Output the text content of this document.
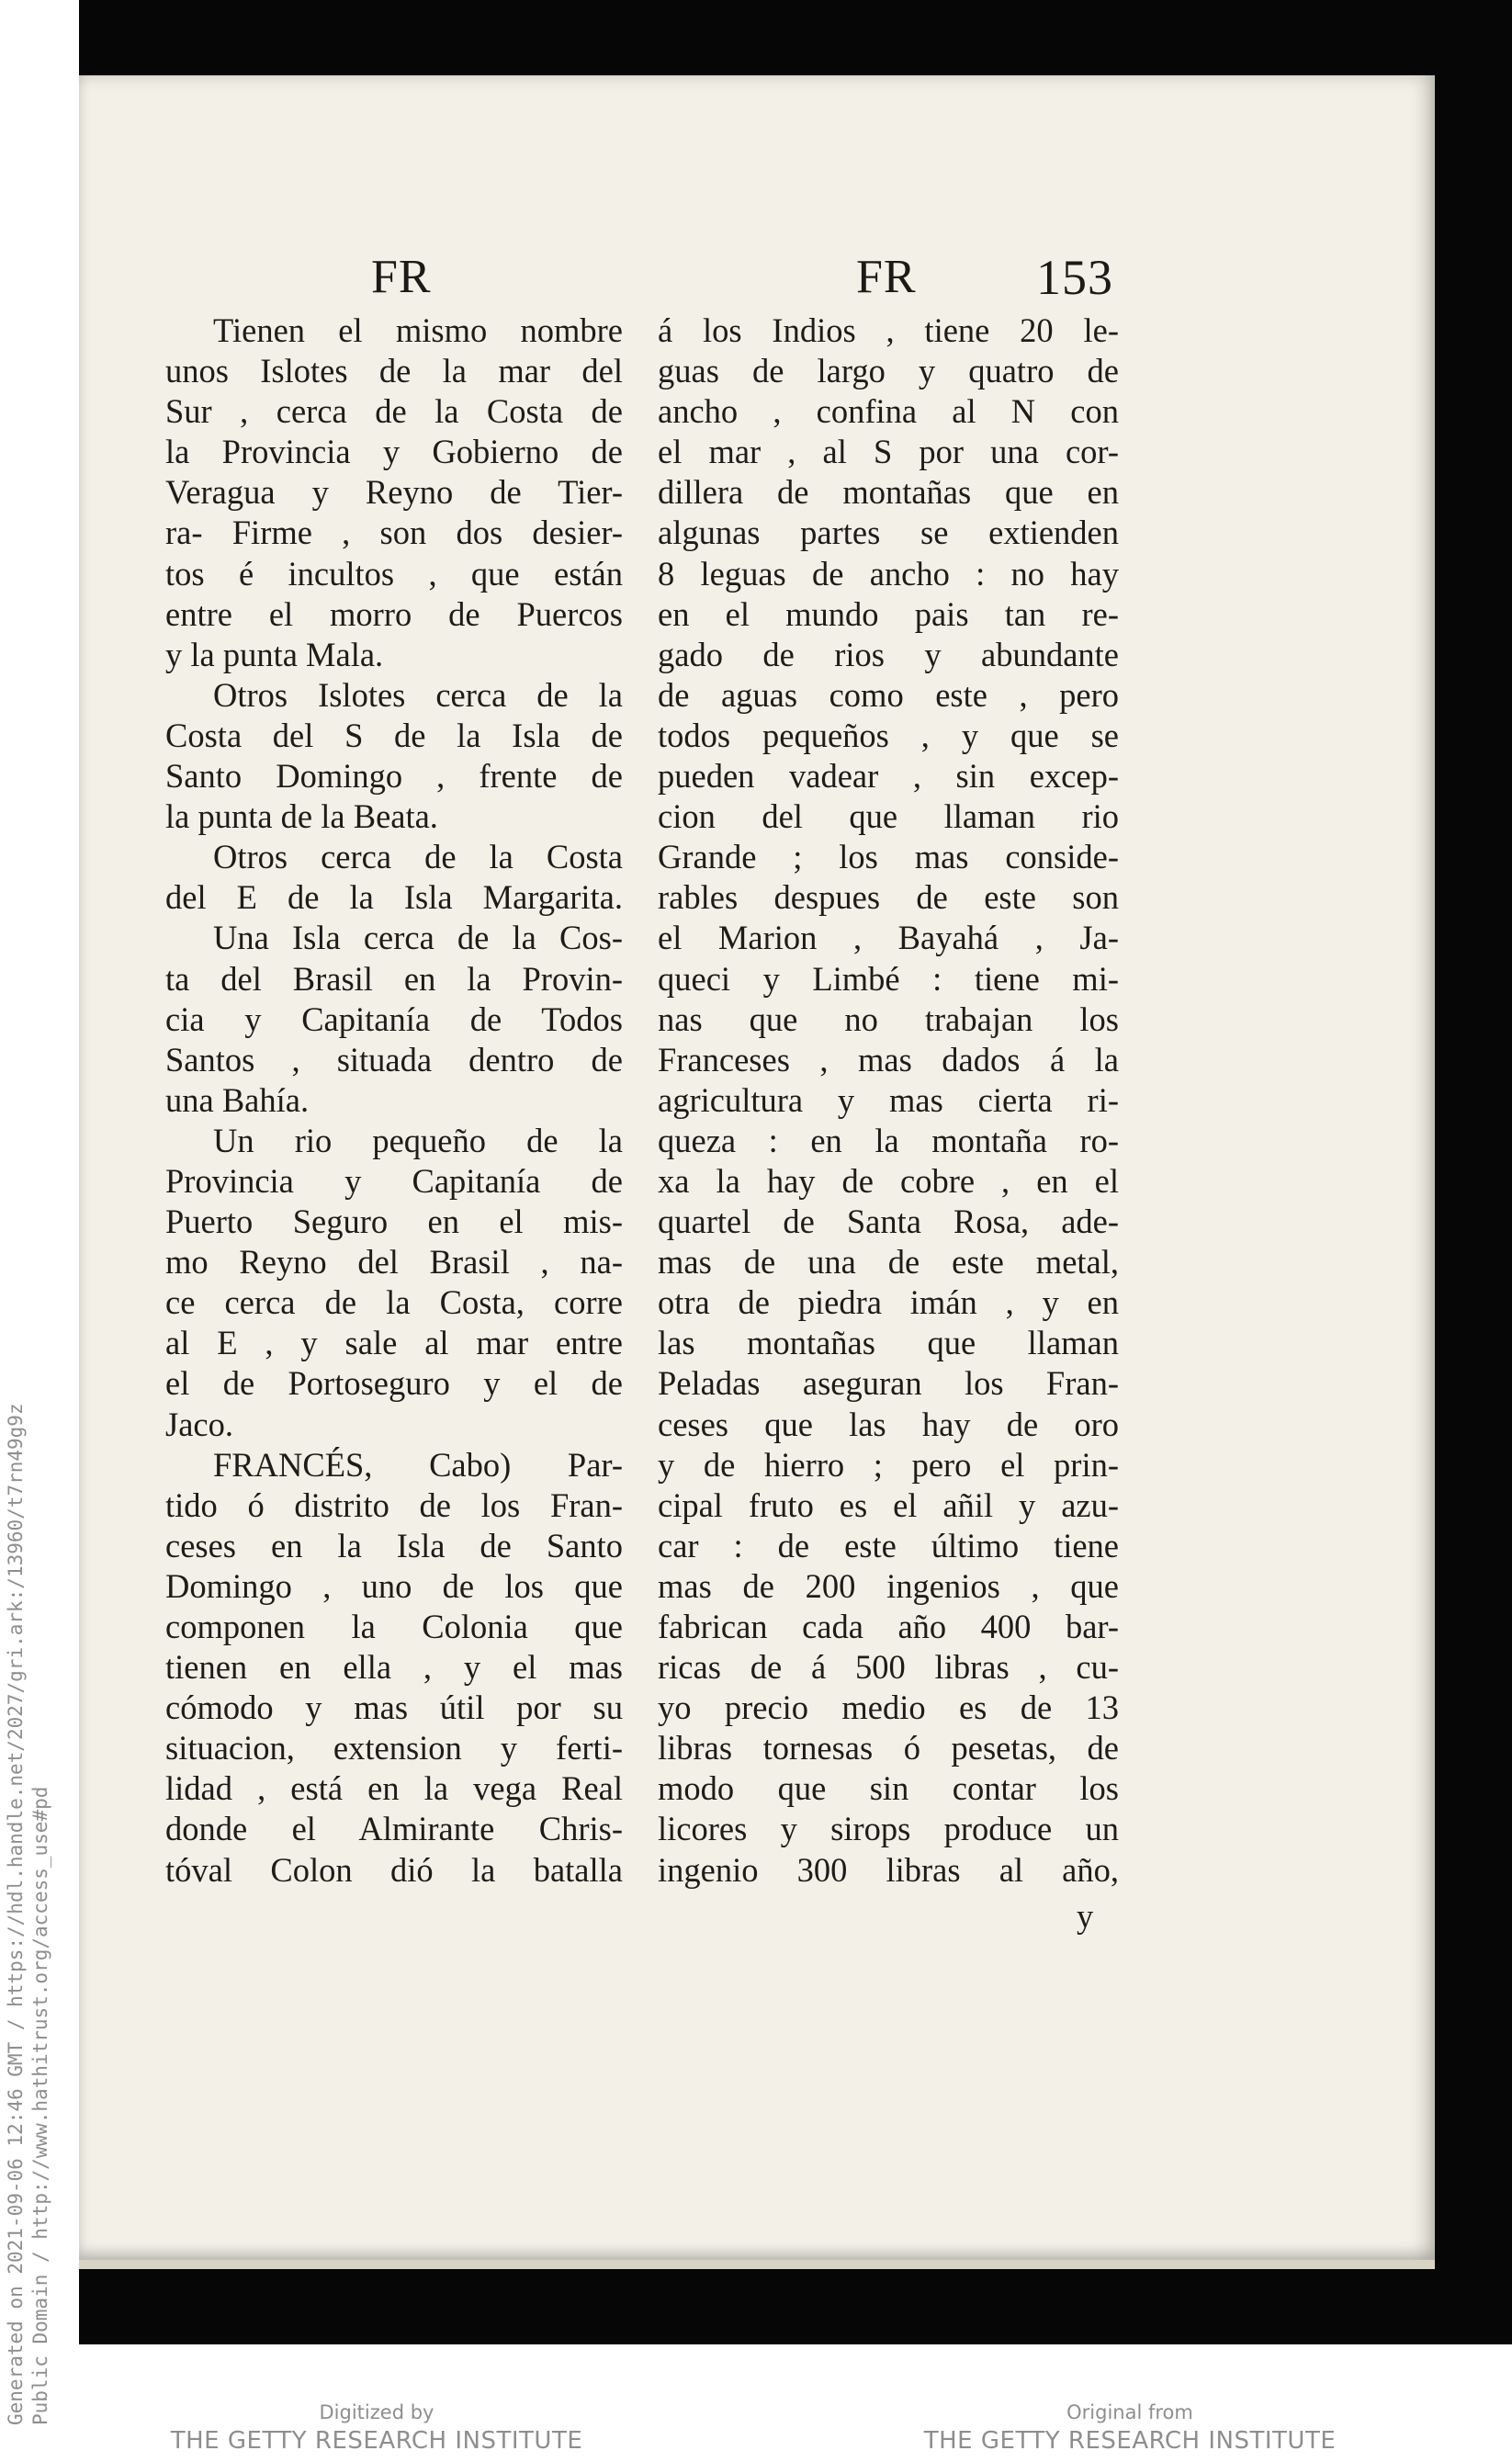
FR	FR 153
Tienen el mismo nombre
unos Islotes de la mar del
Sur , cerca de la Costa de
la Provincia y Gobierno de
Veragua y Reyno de Tier-
ra- Firme , son dos desier-
tos é incultos , que están
entre el morro de Puercos
y la punta Mala.
Otros Islotes cerca de la
Costa del S de la Isla de
Santo Domingo , frente de
la punta de la Beata.
Otros cerca de la Costa
del E de la Isla Margarita.
Una Isla cerca de la Cos-
ta del Brasil en la Provin-
cia y Capitanía de Todos
Santos , situada dentro de
una Bahía.
Un rio pequeño de la
Provincia y Capitanía de
Puerto Seguro en el mis-
mo Reyno del Brasil , na-
ce cerca de la Costa, corre
al E , y sale al mar entre
el de Portoseguro y el de
Jaco.
FRANCÉS, Cabo) Par-
tido ó distrito de los Fran-
ceses en la Isla de Santo
Domingo , uno de los que
componen la Colonia que
tienen en ella , y el mas
cómodo y mas útil por su
situacion, extension y ferti-
lidad , está en la vega Real
donde el Almirante Chris-
tóval Colon dió la batalla
á los Indios , tiene 20 le-
guas de largo y quatro de
ancho , confina al N con
el mar , al S por una cor-
dillera de montañas que en
algunas partes se extienden
8 leguas de ancho : no hay
en el mundo pais tan re-
gado de rios y abundante
de aguas como este , pero
todos pequeños , y que se
pueden vadear , sin excep-
cion del que llaman rio
Grande ; los mas conside-
rables despues de este son
el Marion , Bayahá , Ja-
queci y Limbé : tiene mi-
nas que no trabajan los
Franceses , mas dados á la
agricultura y mas cierta ri-
queza : en la montaña ro-
xa la hay de cobre , en el
quartel de Santa Rosa, ade-
mas de una de este metal,
otra de piedra imán , y en
las montañas que llaman
Peladas aseguran los Fran-
ceses que las hay de oro
y de hierro ; pero el prin-
cipal fruto es el añil y azu-
car : de este último tiene
mas de 200 ingenios , que
fabrican cada año 400 bar-
ricas de á 500 libras , cu-
yo precio medio es de 13
libras tornesas ó pesetas, de
modo que sin contar los
licores y sirops produce un
ingenio 300 libras al año,
y
Generated on 2021-09-06 12:46 GMT / https://hdl.handle.net/2027/gri.ark:/13960/t7rn49g9z Public Domain / http://www.hathitrust.org/access_use#pd	Digitized by
THE GETTY RESEARCH INSTITUTE
Original from
THE GETTY RESEARCH INSTITUTE
